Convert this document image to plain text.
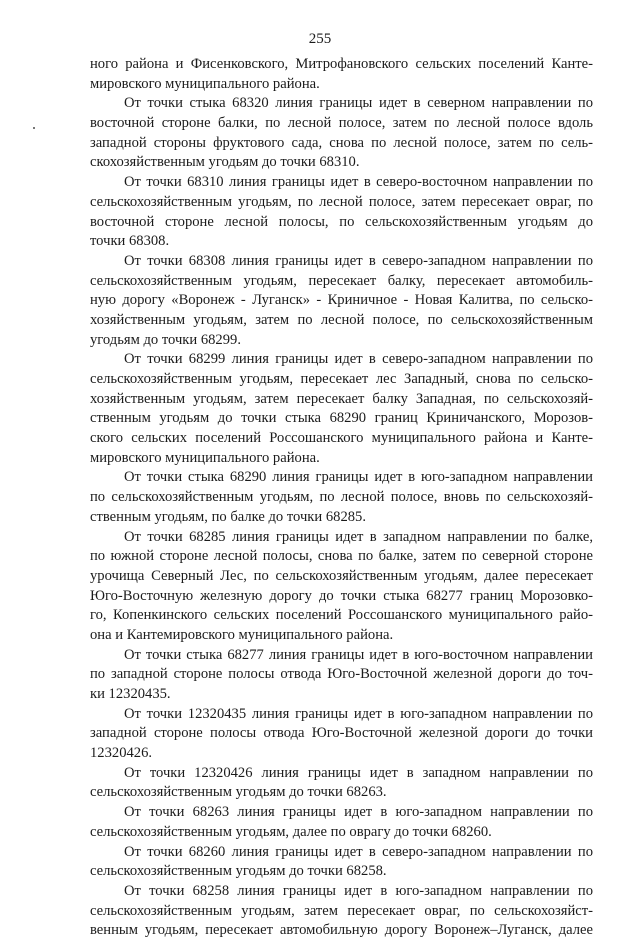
255
ного района и Фисенковского, Митрофановского сельских поселений Канте-
мировского муниципального района.
От точки стыка 68320 линия границы идет в северном направлении по
восточной стороне балки, по лесной полосе, затем по лесной полосе вдоль
западной стороны фруктового сада, снова по лесной полосе, затем по сель-
скохозяйственным угодьям до точки 68310.
От точки 68310 линия границы идет в северо-восточном направлении по
сельскохозяйственным угодьям, по лесной полосе, затем пересекает овраг, по
восточной стороне лесной полосы, по сельскохозяйственным угодьям до
точки 68308.
От точки 68308 линия границы идет в северо-западном направлении по
сельскохозяйственным угодьям, пересекает балку, пересекает автомобиль-
ную дорогу «Воронеж - Луганск» - Криничное - Новая Калитва, по сельско-
хозяйственным угодьям, затем по лесной полосе, по сельскохозяйственным
угодьям до точки 68299.
От точки 68299 линия границы идет в северо-западном направлении по
сельскохозяйственным угодьям, пересекает лес Западный, снова по сельско-
хозяйственным угодьям, затем пересекает балку Западная, по сельскохозяй-
ственным угодьям до точки стыка 68290 границ Криничанского, Морозов-
ского сельских поселений Россошанского муниципального района и Канте-
мировского муниципального района.
От точки стыка 68290 линия границы идет в юго-западном направлении
по сельскохозяйственным угодьям, по лесной полосе, вновь по сельскохозяй-
ственным угодьям, по балке до точки 68285.
От точки 68285 линия границы идет в западном направлении по балке,
по южной стороне лесной полосы, снова по балке, затем по северной стороне
урочища Северный Лес, по сельскохозяйственным угодьям, далее пересекает
Юго-Восточную железную дорогу до точки стыка 68277 границ Морозовко-
го, Копенкинского сельских поселений Россошанского муниципального райо-
она и Кантемировского муниципального района.
От точки стыка 68277 линия границы идет в юго-восточном направлении
по западной стороне полосы отвода Юго-Восточной железной дороги до точ-
ки 12320435.
От точки 12320435 линия границы идет в юго-западном направлении по
западной стороне полосы отвода Юго-Восточной железной дороги до точки
12320426.
От точки 12320426 линия границы идет в западном направлении по
сельскохозяйственным угодьям до точки 68263.
От точки 68263 линия границы идет в юго-западном направлении по
сельскохозяйственным угодьям, далее по оврагу до точки 68260.
От точки 68260 линия границы идет в северо-западном направлении по
сельскохозяйственным угодьям до точки 68258.
От точки 68258 линия границы идет в юго-западном направлении по
сельскохозяйственным угодьям, затем пересекает овраг, по сельскохозяйст-
венным угодьям, пересекает автомобильную дорогу Воронеж–Луганск, далее
